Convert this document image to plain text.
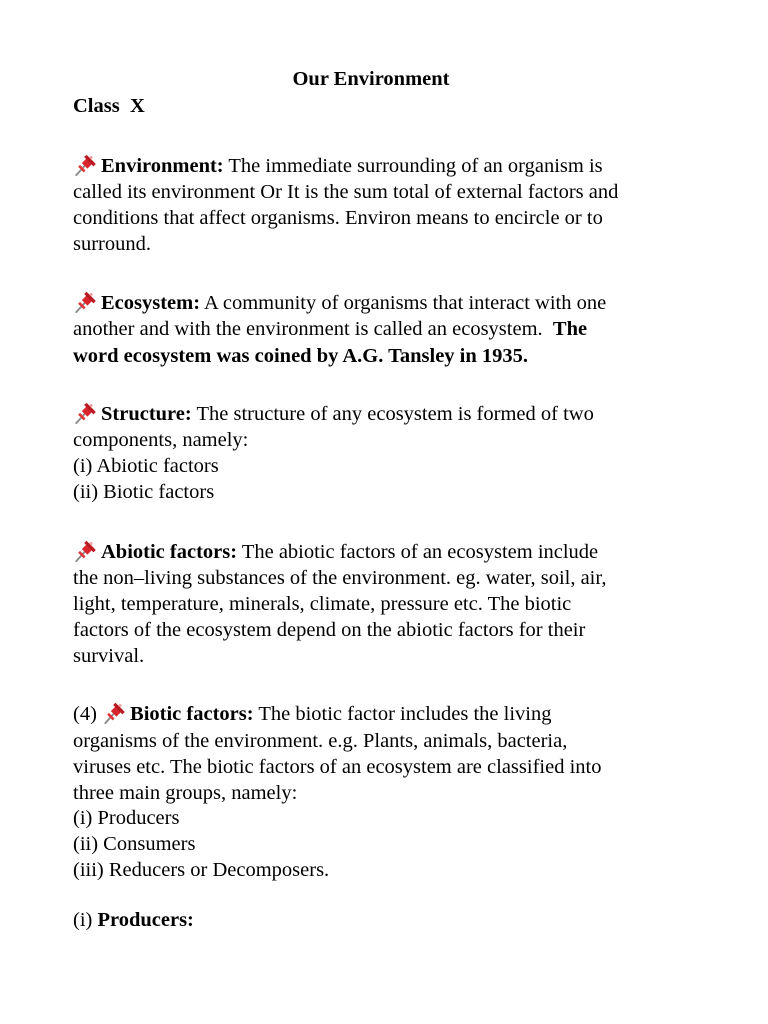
Our Environment
Class  X
Environment: The immediate surrounding of an organism is
called its environment Or It is the sum total of external factors and
conditions that affect organisms. Environ means to encircle or to
surround.
Ecosystem: A community of organisms that interact with one
another and with the environment is called an ecosystem.  The
word ecosystem was coined by A.G. Tansley in 1935.
Structure: The structure of any ecosystem is formed of two
components, namely:
(i) Abiotic factors
(ii) Biotic factors
Abiotic factors: The abiotic factors of an ecosystem include
the non–living substances of the environment. eg. water, soil, air,
light, temperature, minerals, climate, pressure etc. The biotic
factors of the ecosystem depend on the abiotic factors for their
survival.
(4) Biotic factors: The biotic factor includes the living
organisms of the environment. e.g. Plants, animals, bacteria,
viruses etc. The biotic factors of an ecosystem are classified into
three main groups, namely:
(i) Producers
(ii) Consumers
(iii) Reducers or Decomposers.
(i) Producers:
